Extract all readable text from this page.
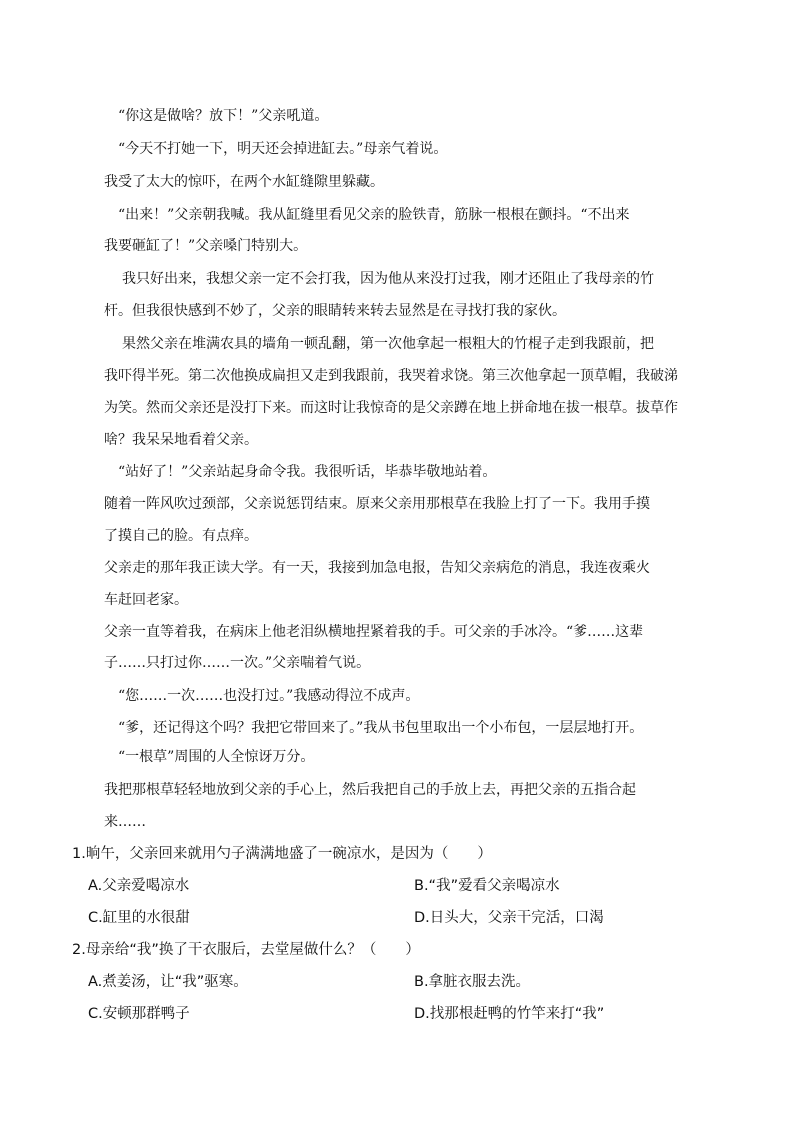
“你这是做啥？放下！”父亲吼道。
“今天不打她一下，明天还会掉进缸去。”母亲气着说。
我受了太大的惊吓，在两个水缸缝隙里躲藏。
“出来！”父亲朝我喊。我从缸缝里看见父亲的脸铁青，筋脉一根根在颤抖。“不出来
我要砸缸了！”父亲嗓门特别大。
我只好出来，我想父亲一定不会打我，因为他从来没打过我，刚才还阻止了我母亲的竹
杆。但我很快感到不妙了，父亲的眼睛转来转去显然是在寻找打我的家伙。
果然父亲在堆满农具的墙角一顿乱翻，第一次他拿起一根粗大的竹棍子走到我跟前，把
我吓得半死。第二次他换成扁担又走到我跟前，我哭着求饶。第三次他拿起一顶草帽，我破涕
为笑。然而父亲还是没打下来。而这时让我惊奇的是父亲蹲在地上拼命地在拔一根草。拔草作
啥？我呆呆地看着父亲。
“站好了！”父亲站起身命令我。我很听话，毕恭毕敬地站着。
随着一阵风吹过颈部，父亲说惩罚结束。原来父亲用那根草在我脸上打了一下。我用手摸
了摸自己的脸。有点痒。
父亲走的那年我正读大学。有一天，我接到加急电报，告知父亲病危的消息，我连夜乘火
车赶回老家。
父亲一直等着我，在病床上他老泪纵横地捏紧着我的手。可父亲的手冰冷。“爹……这辈
子……只打过你……一次。”父亲喘着气说。
“您……一次……也没打过。”我感动得泣不成声。
“爹，还记得这个吗？我把它带回来了。”我从书包里取出一个小布包，一层层地打开。
“一根草”周围的人全惊讶万分。
我把那根草轻轻地放到父亲的手心上，然后我把自己的手放上去，再把父亲的五指合起
来……
1.晌午，父亲回来就用勺子满满地盛了一碗凉水，是因为（　　）
A.父亲爱喝凉水	B.“我”爱看父亲喝凉水
C.缸里的水很甜	D.日头大，父亲干完活，口渴
2.母亲给“我”换了干衣服后，去堂屋做什么？（　　）
A.煮姜汤，让“我”驱寒。	B.拿脏衣服去洗。
C.安顿那群鸭子	D.找那根赶鸭的竹竿来打“我”
